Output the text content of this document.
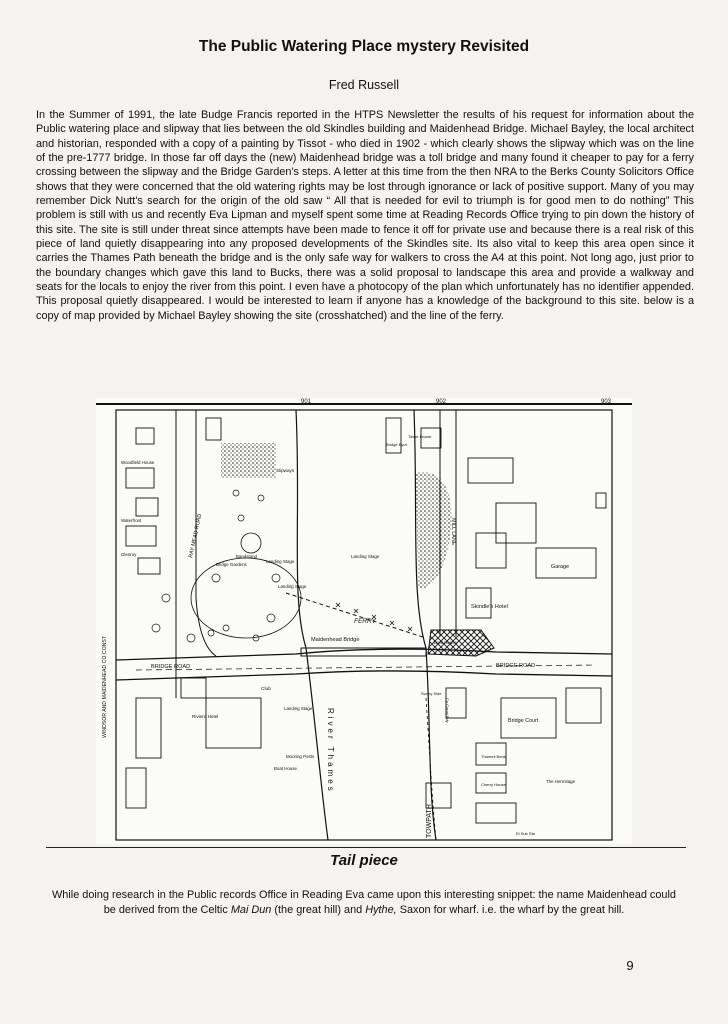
The Public Watering Place mystery Revisited
Fred Russell
In the Summer of 1991, the late Budge Francis reported in the HTPS Newsletter the results of his request for information about the Public watering place and slipway that lies between the old Skindles building and Maidenhead Bridge. Michael Bayley, the local architect and historian, responded with a copy of a painting by Tissot - who died in 1902 - which clearly shows the slipway which was on the line of the pre-1777 bridge. In those far off days the (new) Maidenhead bridge was a toll bridge and many found it cheaper to pay for a ferry crossing between the slipway and the Bridge Garden's steps. A letter at this time from the then NRA to the Berks County Solicitors Office shows that they were concerned that the old watering rights may be lost through ignorance or lack of positive support. Many of you may remember Dick Nutt's search for the origin of the old saw “ All that is needed for evil to triumph is for good men to do nothing” This problem is still with us and recently Eva Lipman and myself spent some time at Reading Records Office trying to pin down the history of this site. The site is still under threat since attempts have been made to fence it off for private use and because there is a real risk of this piece of land quietly disappearing into any proposed developments of the Skindles site. Its also vital to keep this area open since it carries the Thames Path beneath the bridge and is the only safe way for walkers to cross the A4 at this point. Not long ago, just prior to the boundary changes which gave this land to Bucks, there was a solid proposal to landscape this area and provide a walkway and seats for the locals to enjoy the river from this point. I even have a photocopy of the plan which unfortunately has no identifier appended. This proposal quietly disappeared. I would be interested to learn if anyone has a knowledge of the background to this site. below is a copy of map provided by Michael Bayley showing the site (crosshatched) and the line of the ferry.
901	902	903
Slipways
Woodfield House
Waterfront
Glenroy	RAY MEAD ROAD	Bandstand
Landing Stage
Landing Stage
Landing Stage
Landing Stage
Bridge Gardens
FERRY
Boat House
Skindle's Hotel
Maidenhead Bridge
BRIDGE ROAD	BRIDGE ROAD
Club
Riviera Hotel	River Thames
Mooring Posts
Boat House
MILL LANE
Garage
Bridge Court
The Hermitage
TOWPATH
WINDSOR AND MAIDENHEAD CO CONST
Bridge Eyot
Tower House
Co Const Bdy
Sunny Side
Thames Bank
Cherry House
El Sub Sta
Tail piece
While doing research in the Public records Office in Reading Eva came upon this interesting snippet: the name Maidenhead could be derived from the Celtic Mai Dun (the great hill) and Hythe, Saxon for wharf. i.e. the wharf by the great hill.
9
